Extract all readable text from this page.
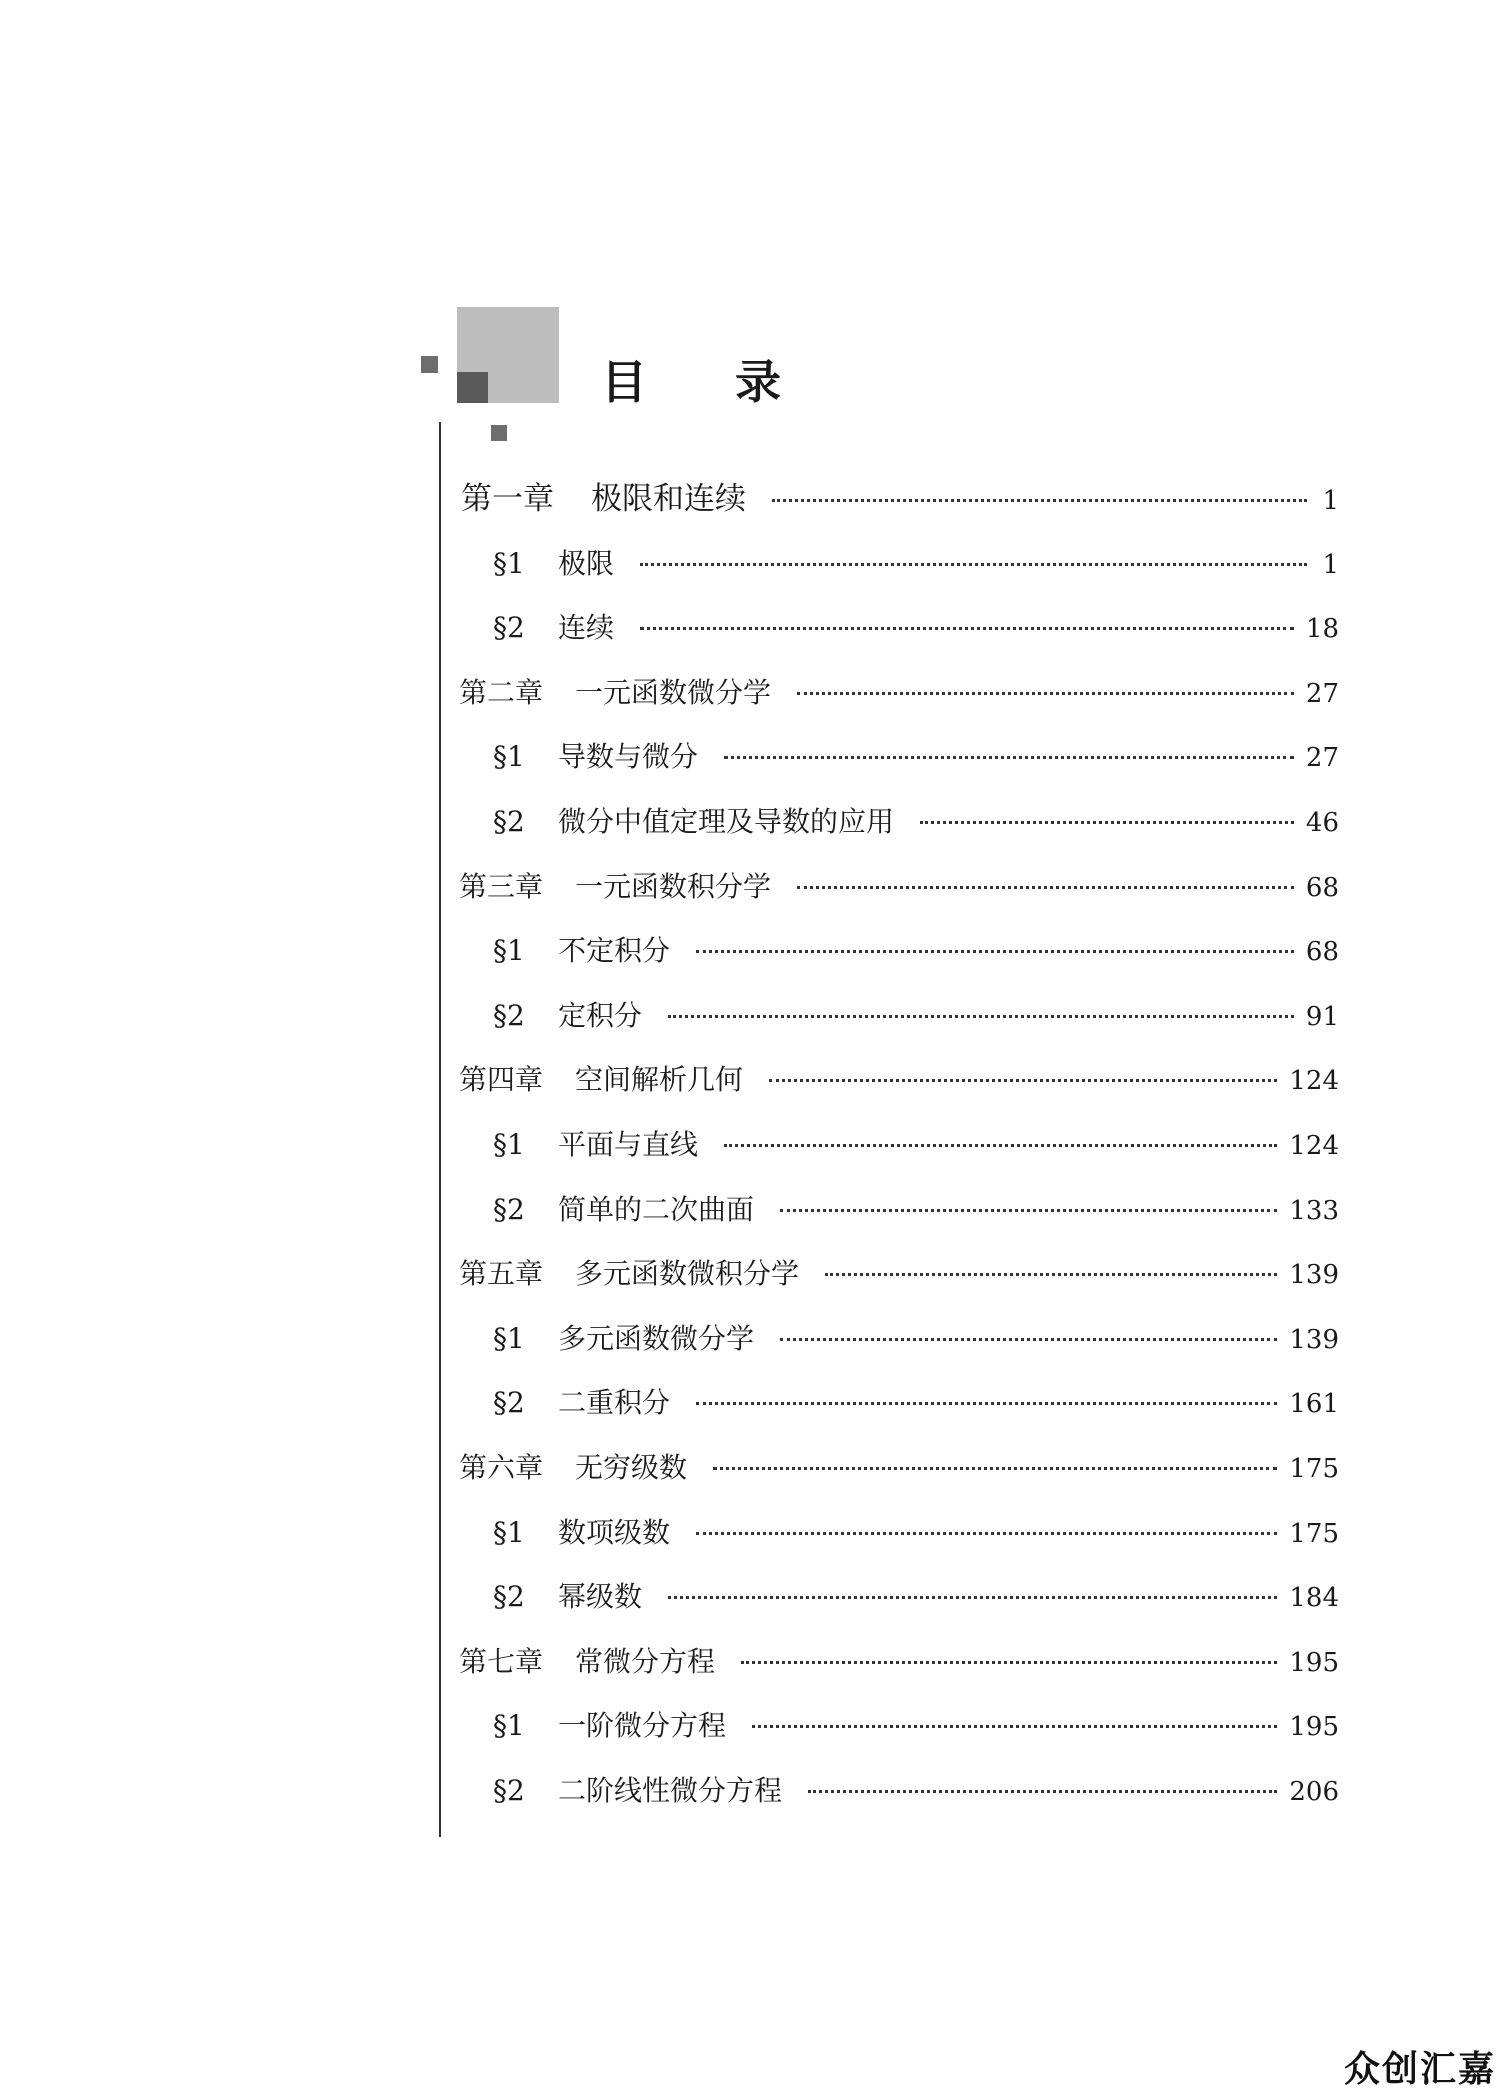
目 录
第一章	极限和连续	1
§1	极限	1
§2	连续	18
第二章	一元函数微分学	27
§1	导数与微分	27
§2	微分中值定理及导数的应用	46
第三章	一元函数积分学	68
§1	不定积分	68
§2	定积分	91
第四章	空间解析几何	124
§1	平面与直线	124
§2	简单的二次曲面	133
第五章	多元函数微积分学	139
§1	多元函数微分学	139
§2	二重积分	161
第六章	无穷级数	175
§1	数项级数	175
§2	幂级数	184
第七章	常微分方程	195
§1	一阶微分方程	195
§2	二阶线性微分方程	206
众创汇嘉
